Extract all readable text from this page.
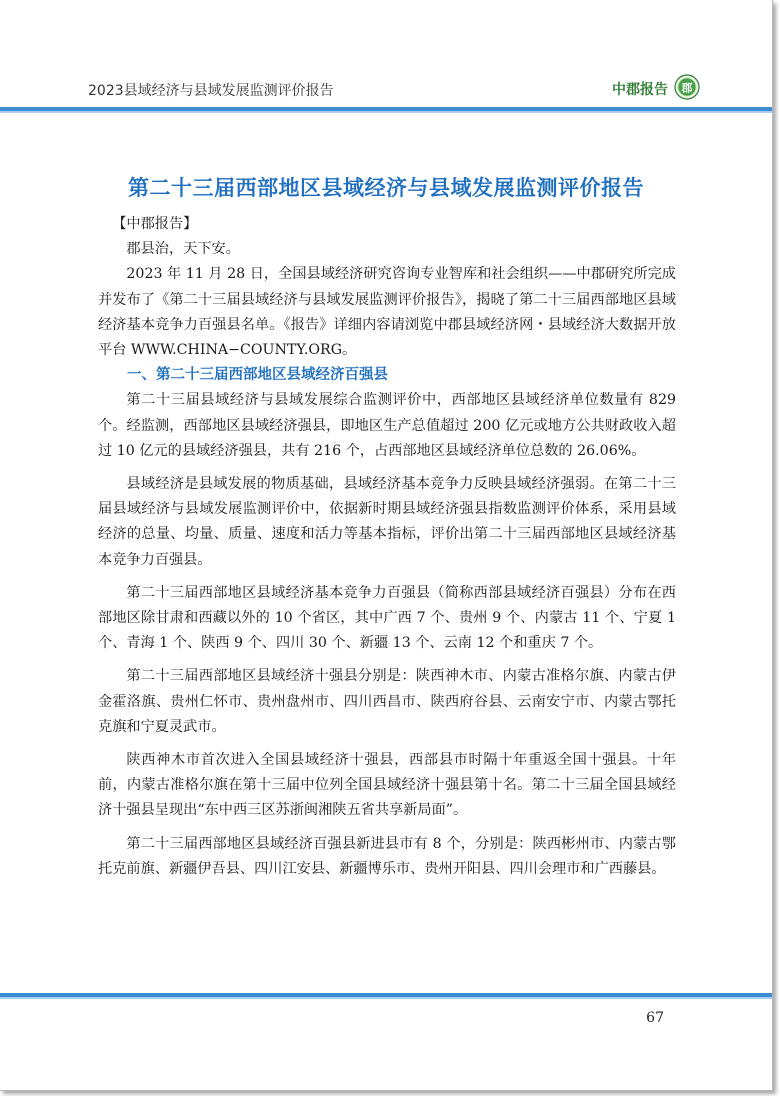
2023县域经济与县域发展监测评价报告	中郡报告 郡
第二十三届西部地区县域经济与县域发展监测评价报告

【中郡报告】

郡县治，天下安。

2023 年 11 月 28 日，全国县域经济研究咨询专业智库和社会组织——中郡研究所完成并发布了《第二十三届县域经济与县域发展监测评价报告》，揭晓了第二十三届西部地区县域经济基本竞争力百强县名单。《报告》详细内容请浏览中郡县域经济网・县域经济大数据开放平台 WWW.CHINA−COUNTY.ORG。

一、第二十三届西部地区县域经济百强县

第二十三届县域经济与县域发展综合监测评价中，西部地区县域经济单位数量有 829 个。经监测，西部地区县域经济强县，即地区生产总值超过 200 亿元或地方公共财政收入超过 10 亿元的县域经济强县，共有 216 个，占西部地区县域经济单位总数的 26.06%。

县域经济是县域发展的物质基础，县域经济基本竞争力反映县域经济强弱。在第二十三届县域经济与县域发展监测评价中，依据新时期县域经济强县指数监测评价体系，采用县域经济的总量、均量、质量、速度和活力等基本指标，评价出第二十三届西部地区县域经济基本竞争力百强县。

第二十三届西部地区县域经济基本竞争力百强县（简称西部县域经济百强县）分布在西部地区除甘肃和西藏以外的 10 个省区，其中广西 7 个、贵州 9 个、内蒙古 11 个、宁夏 1 个、青海 1 个、陕西 9 个、四川 30 个、新疆 13 个、云南 12 个和重庆 7 个。

第二十三届西部地区县域经济十强县分别是：陕西神木市、内蒙古准格尔旗、内蒙古伊金霍洛旗、贵州仁怀市、贵州盘州市、四川西昌市、陕西府谷县、云南安宁市、内蒙古鄂托克旗和宁夏灵武市。

陕西神木市首次进入全国县域经济十强县，西部县市时隔十年重返全国十强县。十年前，内蒙古准格尔旗在第十三届中位列全国县域经济十强县第十名。第二十三届全国县域经济十强县呈现出“东中西三区苏浙闽湘陕五省共享新局面”。

第二十三届西部地区县域经济百强县新进县市有 8 个，分别是：陕西彬州市、内蒙古鄂托克前旗、新疆伊吾县、四川江安县、新疆博乐市、贵州开阳县、四川会理市和广西藤县。

67
